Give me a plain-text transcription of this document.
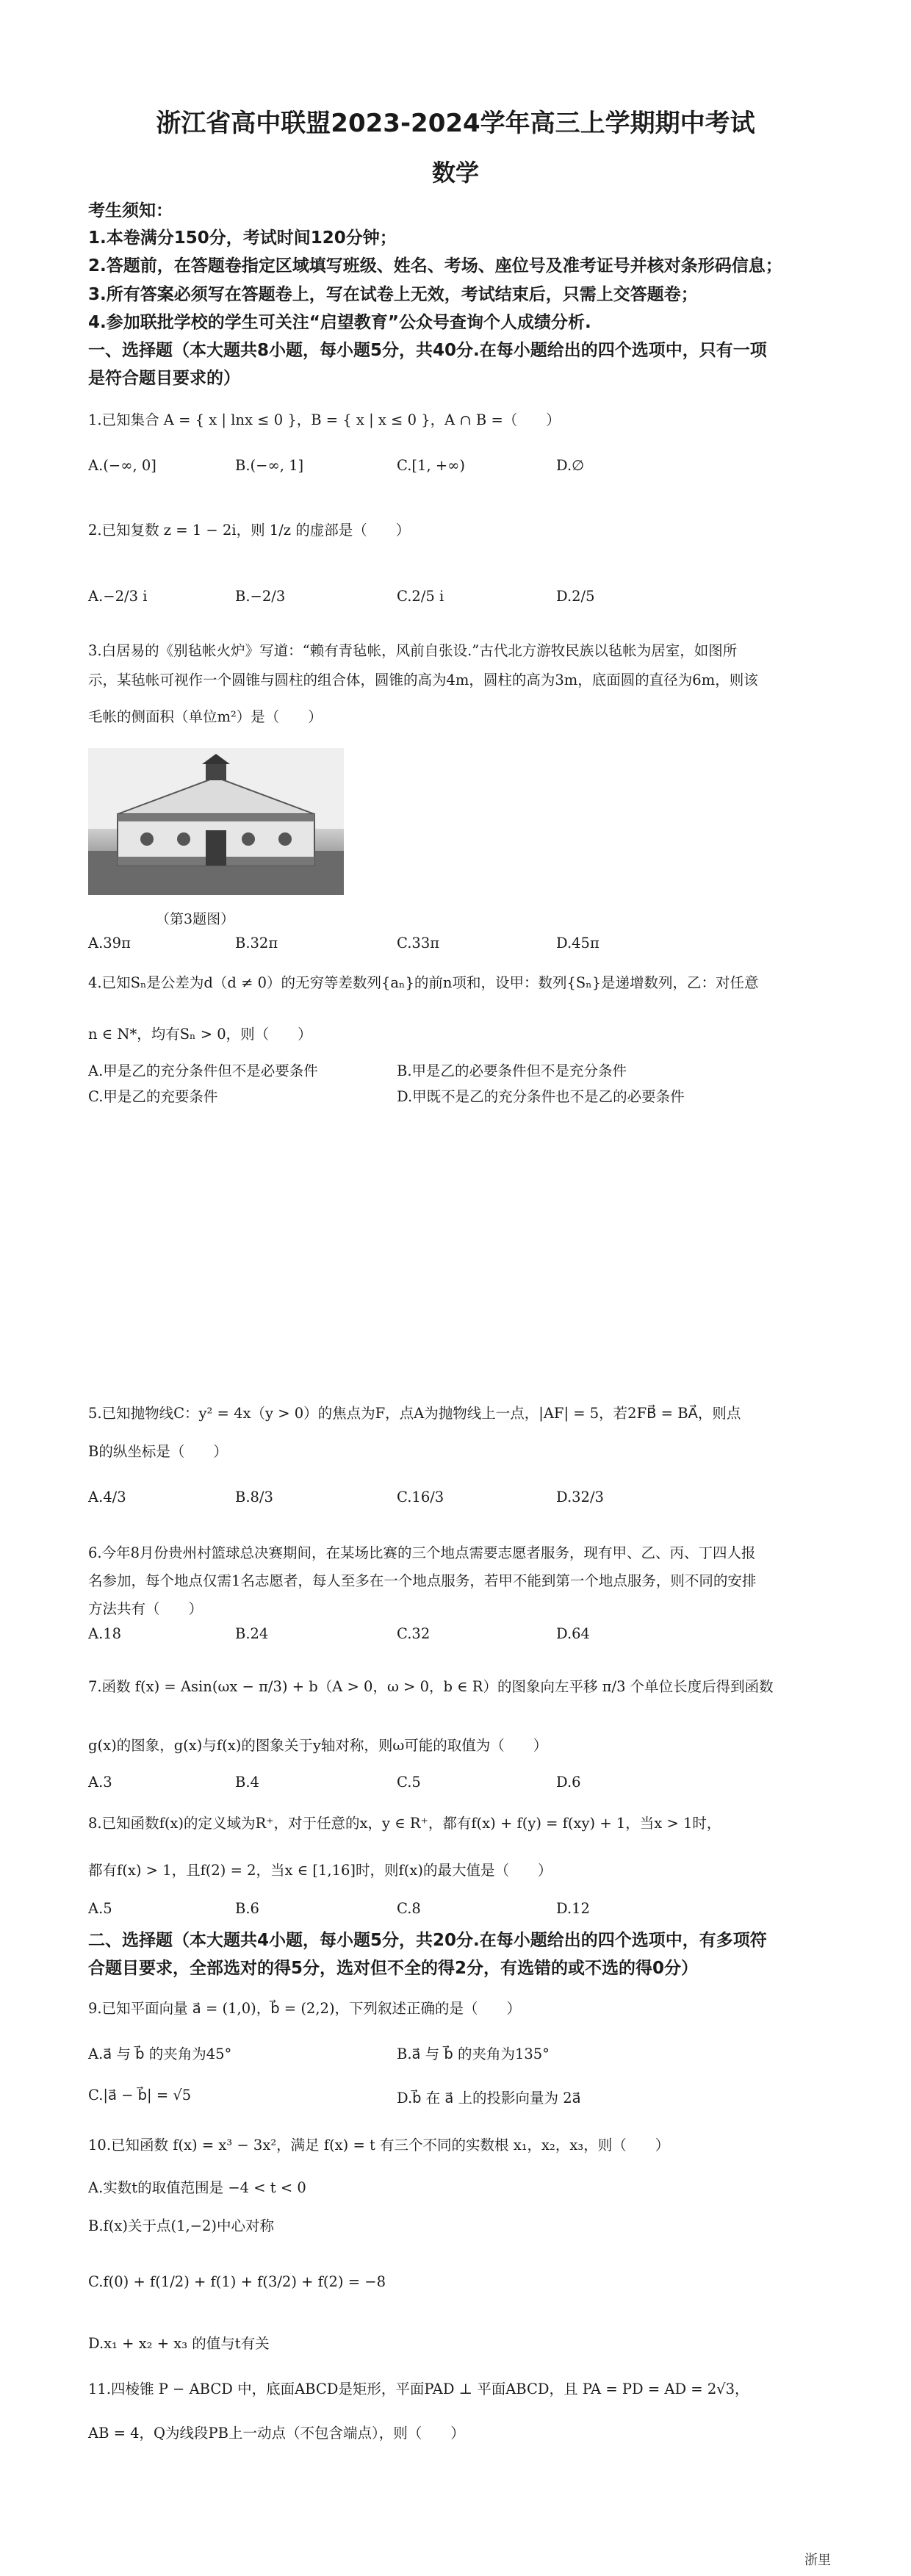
浙江省高中联盟2023-2024学年高三上学期期中考试
数学
考生须知：
1.本卷满分150分，考试时间120分钟；
2.答题前，在答题卷指定区域填写班级、姓名、考场、座位号及准考证号并核对条形码信息；
3.所有答案必须写在答题卷上，写在试卷上无效，考试结束后，只需上交答题卷；
4.参加联批学校的学生可关注“启望教育”公众号查询个人成绩分析.
一、选择题（本大题共8小题，每小题5分，共40分.在每小题给出的四个选项中，只有一项
是符合题目要求的）
1.已知集合 A = { x | lnx ≤ 0 }，B = { x | x ≤ 0 }，A ∩ B =（　　）
A.(−∞, 0]	B.(−∞, 1]	C.[1, +∞)	D.∅
2.已知复数 z = 1 − 2i，则 1/z 的虚部是（　　）
A.−2/3 i	B.−2/3	C.2/5 i	D.2/5
3.白居易的《别毡帐火炉》写道：“赖有青毡帐，风前自张设.”古代北方游牧民族以毡帐为居室，如图所
示，某毡帐可视作一个圆锥与圆柱的组合体，圆锥的高为4m，圆柱的高为3m，底面圆的直径为6m，则该
毛帐的侧面积（单位m²）是（　　）
（第3题图）
A.39π	B.32π	C.33π	D.45π
4.已知Sₙ是公差为d（d ≠ 0）的无穷等差数列{aₙ}的前n项和，设甲：数列{Sₙ}是递增数列，乙：对任意
n ∈ N*，均有Sₙ > 0，则（　　）
A.甲是乙的充分条件但不是必要条件	B.甲是乙的必要条件但不是充分条件
C.甲是乙的充要条件	D.甲既不是乙的充分条件也不是乙的必要条件
5.已知抛物线C：y² = 4x（y > 0）的焦点为F，点A为抛物线上一点，|AF| = 5，若2FB⃗ = BA⃗，则点
B的纵坐标是（　　）
A.4/3	B.8/3	C.16/3	D.32/3
6.今年8月份贵州村篮球总决赛期间，在某场比赛的三个地点需要志愿者服务，现有甲、乙、丙、丁四人报
名参加，每个地点仅需1名志愿者，每人至多在一个地点服务，若甲不能到第一个地点服务，则不同的安排
方法共有（　　）
A.18	B.24	C.32	D.64
7.函数 f(x) = Asin(ωx − π/3) + b（A > 0，ω > 0，b ∈ R）的图象向左平移 π/3 个单位长度后得到函数
g(x)的图象，g(x)与f(x)的图象关于y轴对称，则ω可能的取值为（　　）
A.3	B.4	C.5	D.6
8.已知函数f(x)的定义域为R⁺，对于任意的x，y ∈ R⁺，都有f(x) + f(y) = f(xy) + 1，当x > 1时，
都有f(x) > 1，且f(2) = 2，当x ∈ [1,16]时，则f(x)的最大值是（　　）
A.5	B.6	C.8	D.12
二、选择题（本大题共4小题，每小题5分，共20分.在每小题给出的四个选项中，有多项符
合题目要求，全部选对的得5分，选对但不全的得2分，有选错的或不选的得0分）
9.已知平面向量 a⃗ = (1,0)，b⃗ = (2,2)，下列叙述正确的是（　　）
A.a⃗ 与 b⃗ 的夹角为45°	B.a⃗ 与 b⃗ 的夹角为135°
C.|a⃗ − b⃗| = √5	D.b⃗ 在 a⃗ 上的投影向量为 2a⃗
10.已知函数 f(x) = x³ − 3x²，满足 f(x) = t 有三个不同的实数根 x₁，x₂，x₃，则（　　）
A.实数t的取值范围是 −4 < t < 0
B.f(x)关于点(1,−2)中心对称
C.f(0) + f(1/2) + f(1) + f(3/2) + f(2) = −8
D.x₁ + x₂ + x₃ 的值与t有关
11.四棱锥 P − ABCD 中，底面ABCD是矩形，平面PAD ⊥ 平面ABCD，且 PA = PD = AD = 2√3，
AB = 4，Q为线段PB上一动点（不包含端点），则（　　）
浙里
